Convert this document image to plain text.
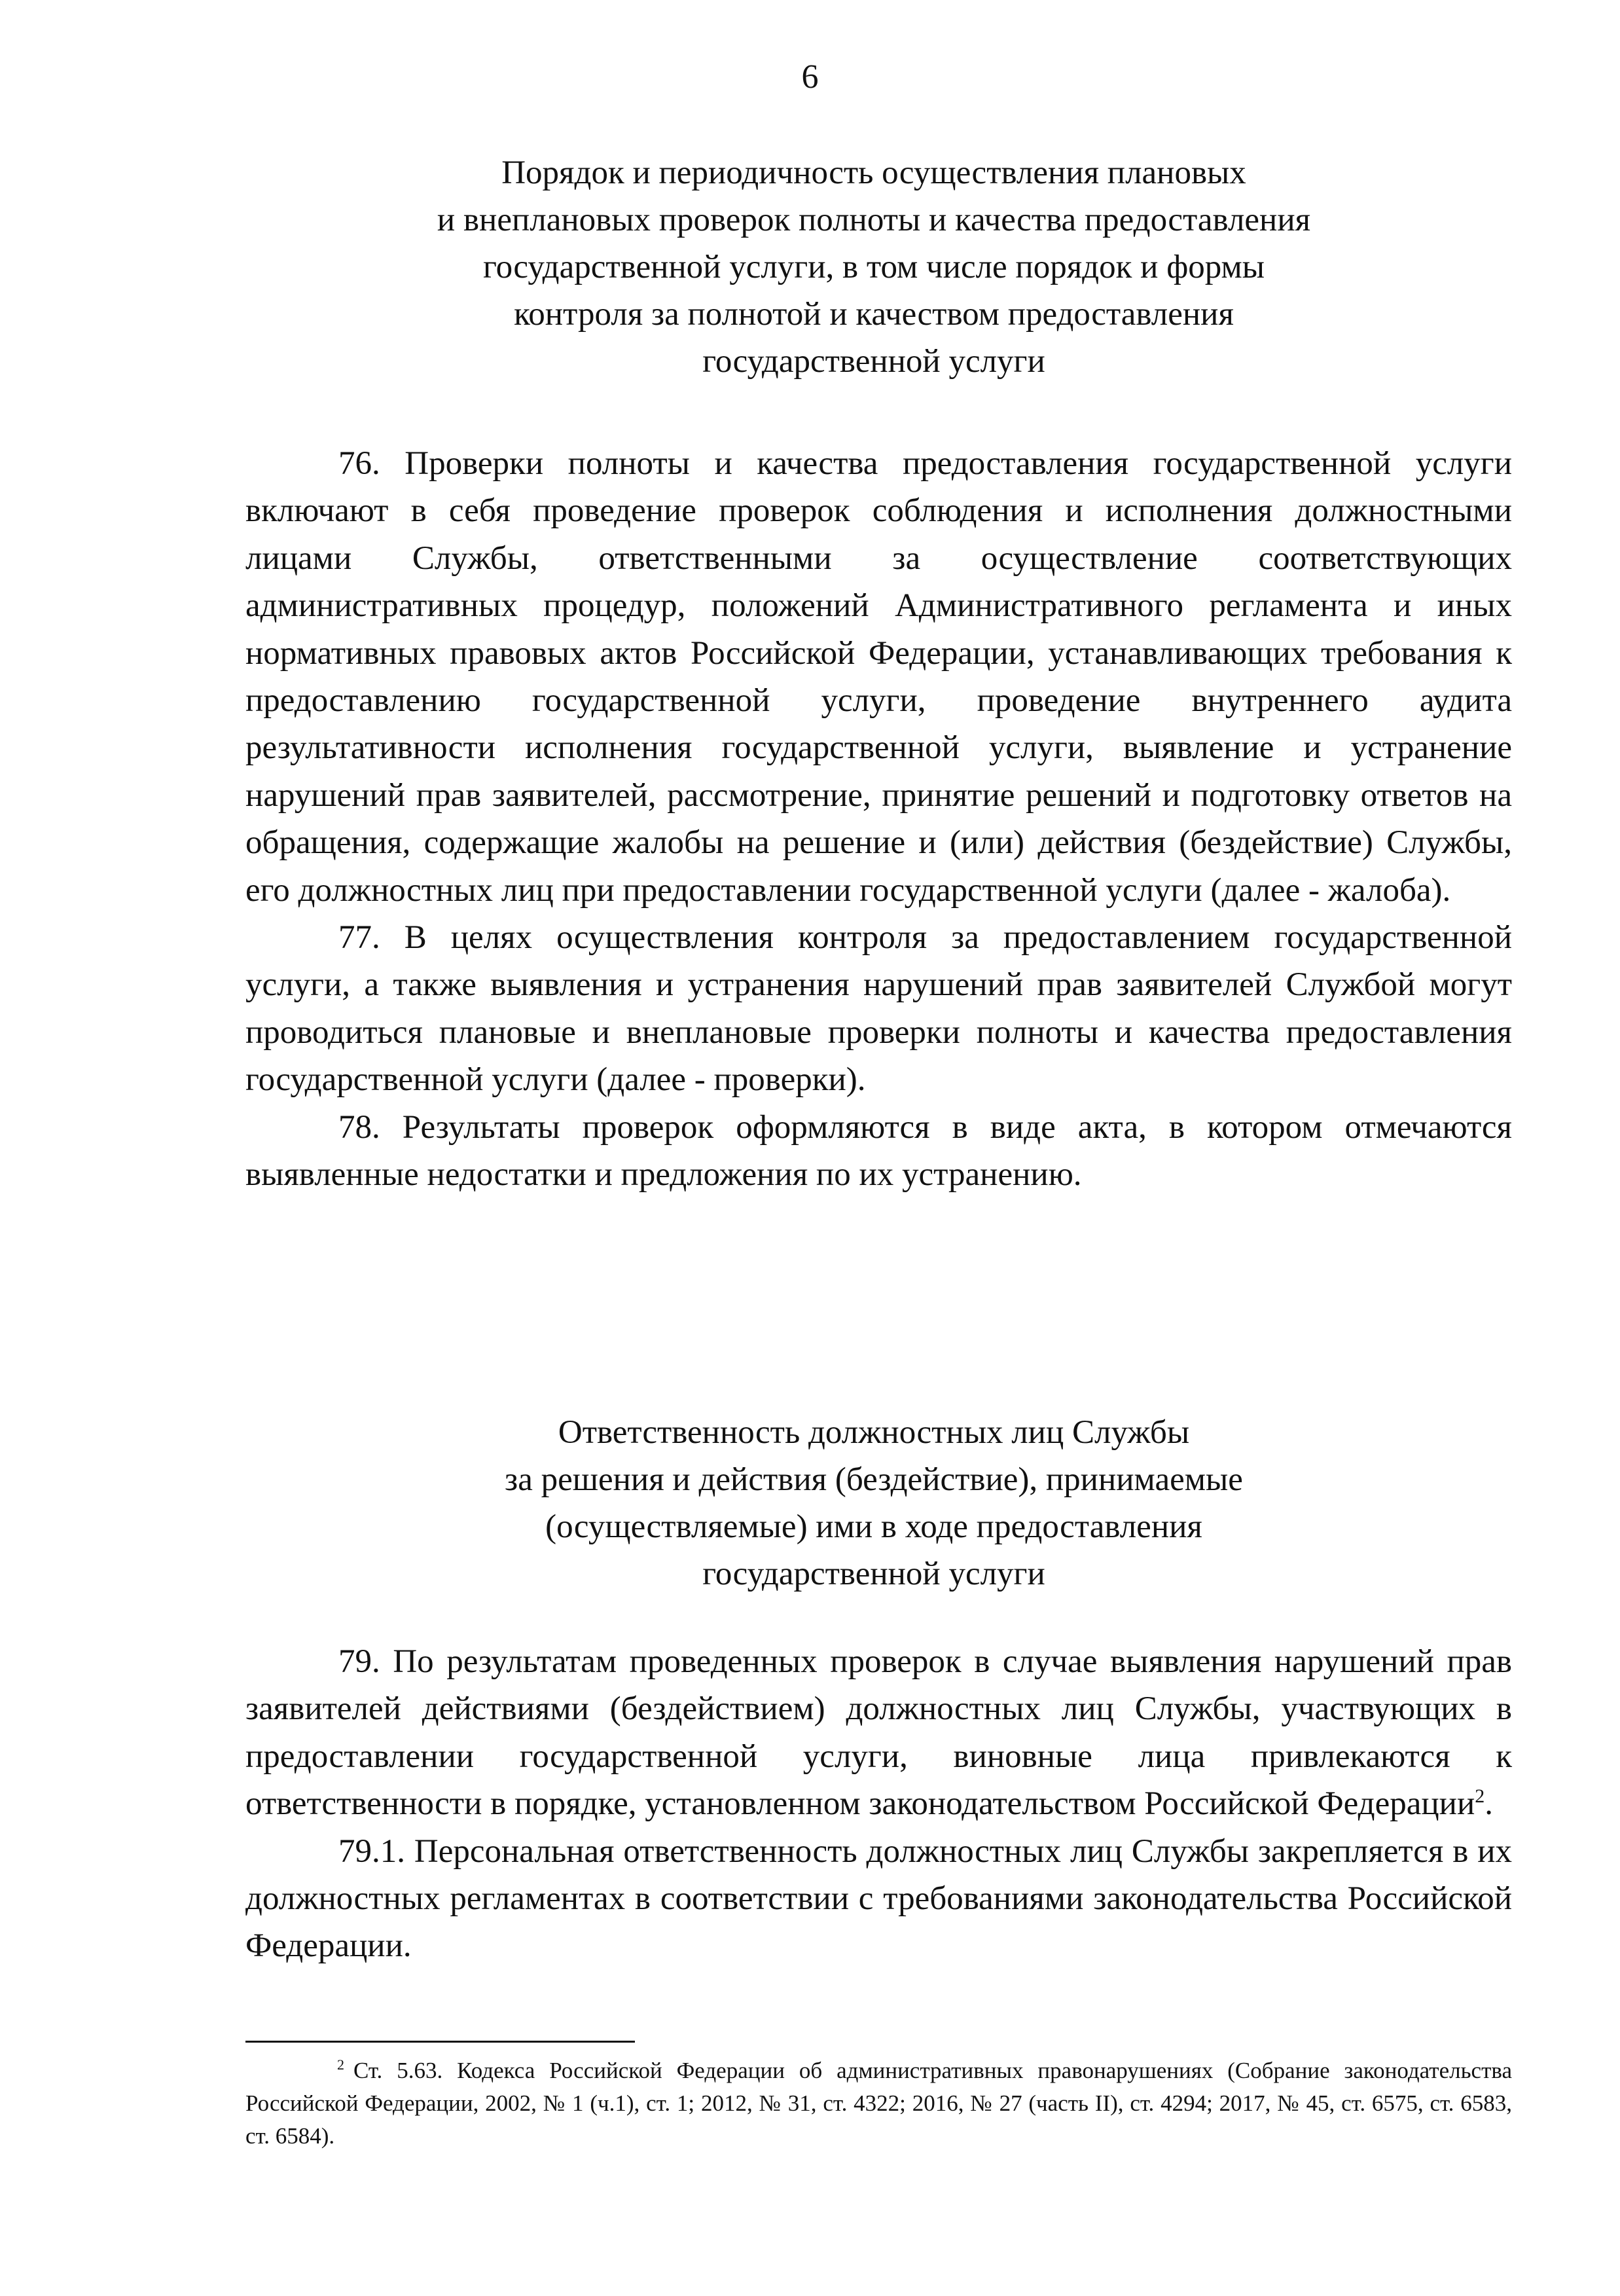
6
Порядок и периодичность осуществления плановых
и внеплановых проверок полноты и качества предоставления
государственной услуги, в том числе порядок и формы
контроля за полнотой и качеством предоставления
государственной услуги

76. Проверки полноты и качества предоставления государственной услуги включают в себя проведение проверок соблюдения и исполнения должностными лицами Службы, ответственными за осуществление соответствующих административных процедур, положений Административного регламента и иных нормативных правовых актов Российской Федерации, устанавливающих требования к предоставлению государственной услуги, проведение внутреннего аудита результативности исполнения государственной услуги, выявление и устранение нарушений прав заявителей, рассмотрение, принятие решений и подготовку ответов на обращения, содержащие жалобы на решение и (или) действия (бездействие) Службы, его должностных лиц при предоставлении государственной услуги (далее - жалоба).

77. В целях осуществления контроля за предоставлением государственной услуги, а также выявления и устранения нарушений прав заявителей Службой могут проводиться плановые и внеплановые проверки полноты и качества предоставления государственной услуги (далее - проверки).

78. Результаты проверок оформляются в виде акта, в котором отмечаются выявленные недостатки и предложения по их устранению.

Ответственность должностных лиц Службы
за решения и действия (бездействие), принимаемые
(осуществляемые) ими в ходе предоставления
государственной услуги

79. По результатам проведенных проверок в случае выявления нарушений прав заявителей действиями (бездействием) должностных лиц Службы, участвующих в предоставлении государственной услуги, виновные лица привлекаются к ответственности в порядке, установленном законодательством Российской Федерации$^2$.

79.1. Персональная ответственность должностных лиц Службы закрепляется в их должностных регламентах в соответствии с требованиями законодательства Российской Федерации.

$^2$ Ст. 5.63. Кодекса Российской Федерации об административных правонарушениях (Собрание законодательства Российской Федерации, 2002, № 1 (ч.1), ст. 1; 2012, № 31, ст. 4322; 2016, № 27 (часть II), ст. 4294; 2017, № 45, ст. 6575, ст. 6583, ст. 6584).
